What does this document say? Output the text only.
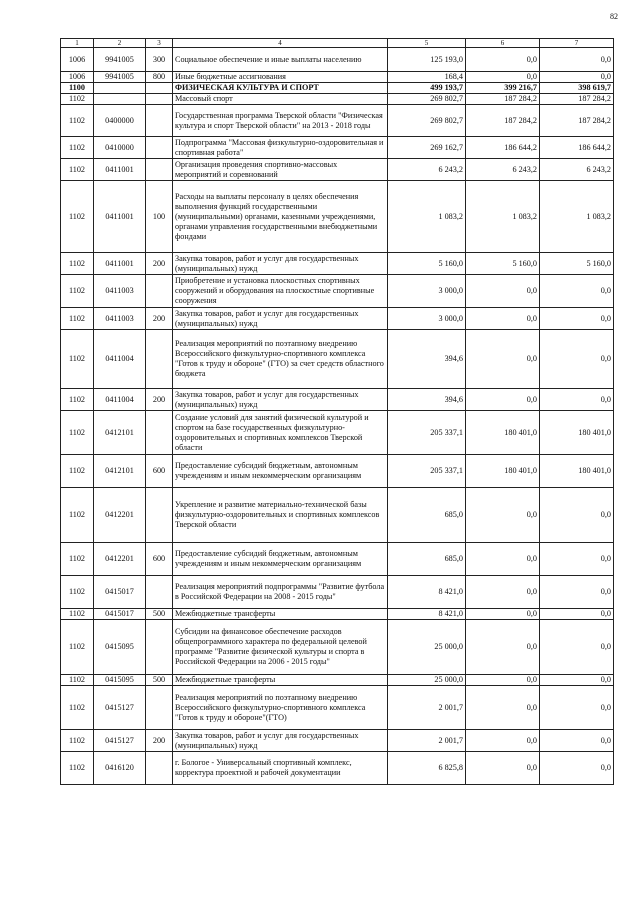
82
1	2	3	4	5	6	7
1006	9941005	300	Социальное обеспечение и иные выплаты населению	125 193,0	0,0	0,0
1006	9941005	800	Иные бюджетные ассигнования	168,4	0,0	0,0
1100			ФИЗИЧЕСКАЯ КУЛЬТУРА И СПОРТ	499 193,7	399 216,7	398 619,7
1102			Массовый спорт	269 802,7	187 284,2	187 284,2
1102	0400000		Государственная программа Тверской области "Физическая культура и спорт Тверской области" на 2013 - 2018 годы	269 802,7	187 284,2	187 284,2
1102	0410000		Подпрограмма "Массовая физкультурно-оздоровительная и спортивная работа"	269 162,7	186 644,2	186 644,2
1102	0411001		Организация проведения спортивно-массовых мероприятий и соревнований	6 243,2	6 243,2	6 243,2
1102	0411001	100	Расходы на выплаты персоналу в целях обеспечения выполнения функций государственными (муниципальными) органами, казенными учреждениями, органами управления государственными внебюджетными фондами	1 083,2	1 083,2	1 083,2
1102	0411001	200	Закупка товаров, работ и услуг для государственных (муниципальных) нужд	5 160,0	5 160,0	5 160,0
1102	0411003		Приобретение и установка плоскостных спортивных сооружений и оборудования на плоскостные спортивные сооружения	3 000,0	0,0	0,0
1102	0411003	200	Закупка товаров, работ и услуг для государственных (муниципальных) нужд	3 000,0	0,0	0,0
1102	0411004		Реализация мероприятий по поэтапному внедрению Всероссийского физкультурно-спортивного комплекса "Готов к труду и обороне" (ГТО) за счет средств областного бюджета	394,6	0,0	0,0
1102	0411004	200	Закупка товаров, работ и услуг для государственных (муниципальных) нужд	394,6	0,0	0,0
1102	0412101		Создание условий для занятий физической культурой и спортом на базе государственных физкультурно-оздоровительных и спортивных комплексов Тверской области	205 337,1	180 401,0	180 401,0
1102	0412101	600	Предоставление субсидий бюджетным, автономным учреждениям и иным некоммерческим организациям	205 337,1	180 401,0	180 401,0
1102	0412201		Укрепление и развитие материально-технической базы физкультурно-оздоровительных и спортивных комплексов Тверской области	685,0	0,0	0,0
1102	0412201	600	Предоставление субсидий бюджетным, автономным учреждениям и иным некоммерческим организациям	685,0	0,0	0,0
1102	0415017		Реализация мероприятий подпрограммы "Развитие футбола в Российской Федерации на 2008 - 2015 годы"	8 421,0	0,0	0,0
1102	0415017	500	Межбюджетные трансферты	8 421,0	0,0	0,0
1102	0415095		Субсидии на финансовое обеспечение расходов общепрограммного характера по федеральной целевой программе "Развитие физической культуры и спорта в Российской Федерации на 2006 - 2015 годы"	25 000,0	0,0	0,0
1102	0415095	500	Межбюджетные трансферты	25 000,0	0,0	0,0
1102	0415127		Реализация мероприятий по поэтапному внедрению Всероссийского физкультурно-спортивного комплекса "Готов к труду и обороне"(ГТО)	2 001,7	0,0	0,0
1102	0415127	200	Закупка товаров, работ и услуг для государственных (муниципальных) нужд	2 001,7	0,0	0,0
1102	0416120		г. Бологое - Универсальный спортивный комплекс, корректура проектной и рабочей документации	6 825,8	0,0	0,0
